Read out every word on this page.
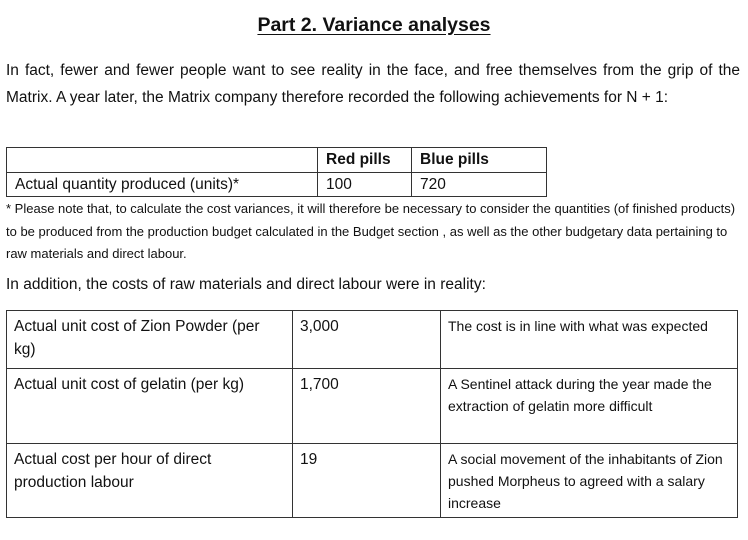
Part 2. Variance analyses
In fact, fewer and fewer people want to see reality in the face, and free themselves from the grip of the Matrix. A year later, the Matrix company therefore recorded the following achievements for N + 1:
	Red pills	Blue pills
Actual quantity produced (units)*	100	720
* Please note that, to calculate the cost variances, it will therefore be necessary to consider the quantities (of finished products) to be produced from the production budget calculated in the Budget section , as well as the other budgetary data pertaining to raw materials and direct labour.
In addition, the costs of raw materials and direct labour were in reality:
Actual unit cost of Zion Powder (per kg)	3,000	The cost is in line with what was expected
Actual unit cost of gelatin (per kg)	1,700	A Sentinel attack during the year made the extraction of gelatin more difficult
Actual cost per hour of direct production labour	19	A social movement of the inhabitants of Zion pushed Morpheus to agreed with a salary increase
